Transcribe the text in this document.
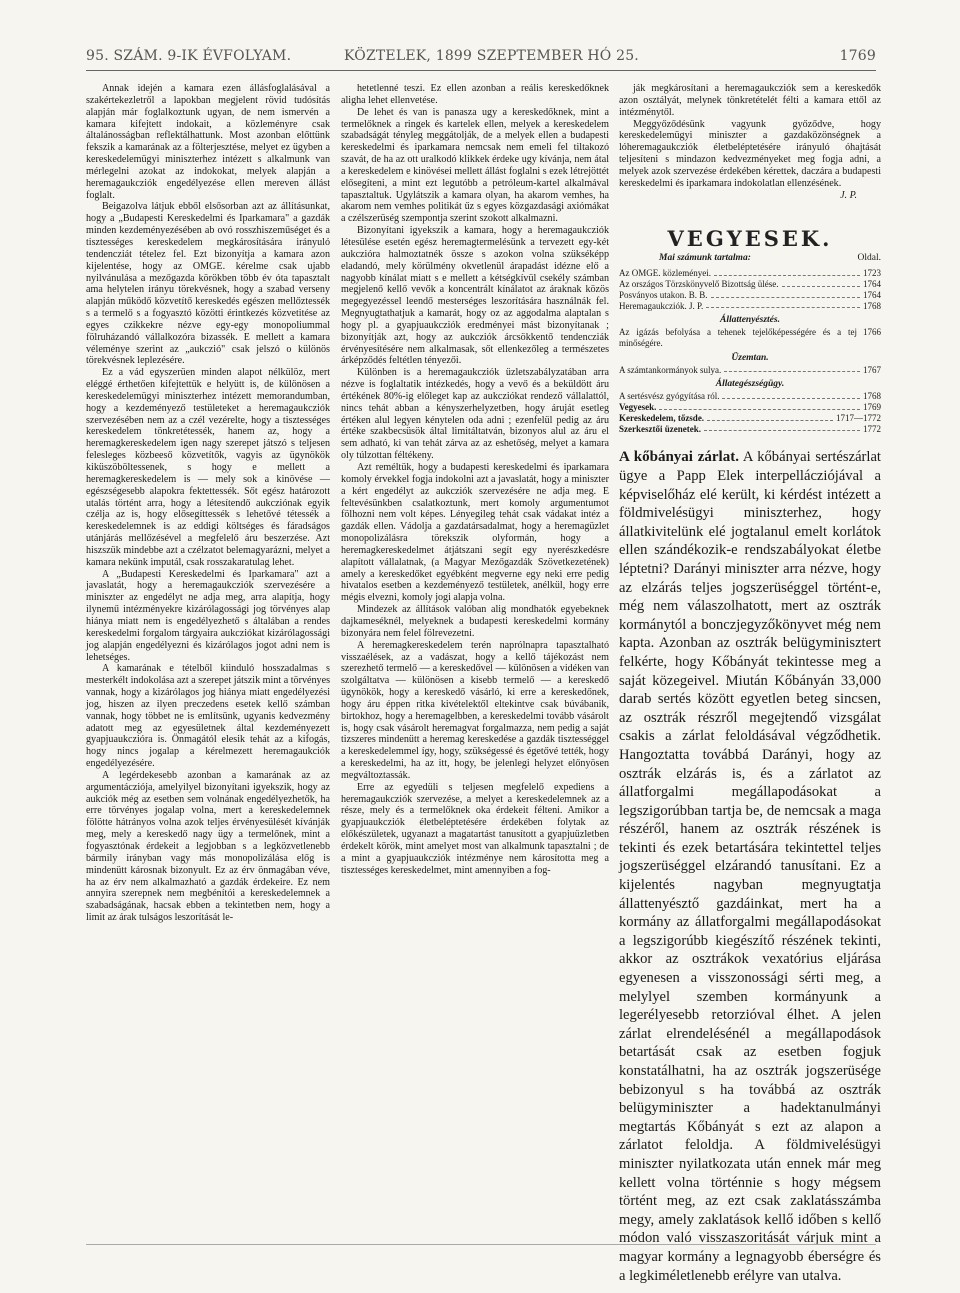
95. SZÁM. 9-IK ÉVFOLYAM.	KÖZTELEK, 1899 SZEPTEMBER HÓ 25.	1769

Annak idején a kamara ezen állásfoglalásával a szakértekezletről a lapokban megjelent rövid tudósítás alapján már foglalkoztunk ugyan, de nem ismervén a kamara kifejtett indokait, a közleményre csak általánosságban reflektálhattunk. Most azonban előttünk fekszik a kamarának az a fölterjesztése, melyet ez ügyben a kereskedelemügyi miniszterhez intézett s alkalmunk van mérlegelni azokat az indokokat, melyek alapján a heremagaukcziók engedélyezése ellen mereven állást foglalt.

Beigazolva látjuk ebből elsősorban azt az állításunkat, hogy a „Budapesti Kereskedelmi és Iparkamara" a gazdák minden kezdeményezésében ab ovó rosszhiszeműséget és a tisztességes kereskedelem megkárosítására irányuló tendencziát tételez fel. Ezt bizonyítja a kamara azon kijelentése, hogy az OMGE. kérelme csak ujabb nyilvánulása a mezőgazda körökben több év óta tapasztalt ama helytelen irányu törekvésnek, hogy a szabad verseny alapján működő közvetítő kereskedés egészen mellőztessék s a termelő s a fogyasztó közötti érintkezés közvetitése az egyes czikkekre nézve egy-egy monopoliummal fölruházandó vállalkozóra bizassék. E mellett a kamara véleménye szerint az „aukczió" csak jelszó o különös törekvésnek leplezésére.

Ez a vád egyszerüen minden alapot nélkülöz, mert eléggé érthetően kifejtettük e helyütt is, de különösen a kereskedelemügyi miniszterhez intézett memorandumban, hogy a kezdeményező testületeket a heremagaukcziók szervezésében nem az a czél vezérelte, hogy a tisztességes kereskedelem tönkretétessék, hanem az, hogy a heremagkereskedelem igen nagy szerepet játszó s teljesen felesleges közbeeső közvetítők, vagyis az ügynökök kiküszöböltessenek, s hogy e mellett a heremagkereskedelem is — mely sok a kinövése — egészségesebb alapokra fektettessék. Sőt egész határozott utalás történt arra, hogy a létesítendő aukcziónak egyik czélja az is, hogy elősegíttessék s lehetővé tétessék a kereskedelemnek is az eddigi költséges és fáradságos utánjárás mellőzésével a megfelelő áru beszerzése. Azt hiszszük mindebbe azt a czélzatot belemagyarázni, melyet a kamara nekünk imputál, csak rosszakaratulag lehet.

A „Budapesti Kereskedelmi és Iparkamara" azt a javaslatát, hogy a heremagaukcziók szervezésére a miniszter az engedélyt ne adja meg, arra alapítja, hogy ilynemű intézményekre kizárólagossági jog törvényes alap hiánya miatt nem is engedélyezhető s általában a rendes kereskedelmi forgalom tárgyaira aukcziókat kizárólagossági jog alapján engedélyezni és kizárólagos jogot adni nem is lehetséges.

A kamarának e tételből kiinduló hosszadalmas s mesterkélt indokolása azt a szerepet játszik mint a törvényes vannak, hogy a kizárólagos jog hiánya miatt engedélyezési jog, hiszen az ilyen preczedens esetek kellő számban vannak, hogy többet ne is említsünk, ugyanis kedvezmény adatott meg az egyesületnek által kezdeményezett gyapjuaukczióra is. Önmagától elesik tehát az a kifogás, hogy nincs jogalap a kérelmezett heremagaukciók engedélyezésére.

A legérdekesebb azonban a kamarának az az argumentácziója, amelyilyel bizonyítani igyekszik, hogy az aukciók még az esetben sem volnának engedélyezhetők, ha erre törvényes jogalap volna, mert a kereskedelemnek fölötte hátrányos volna azok teljes érvényesülését kívánják meg, mely a kereskedő nagy ügy a termelőnek, mint a fogyasztónak érdekeit a legjobban s a legközvetlenebb bármily irányban vagy más monopolizálása előg is mindenütt károsnak bizonyult. Ez az érv önmagában véve, ha az érv nem alkalmazható a gazdák érdekeire. Ez nem annyira szerepnek nem megbénítói a kereskedelemnek a szabadságának, hacsak ebben a tekintetben nem, hogy a limit az árak tulságos leszorítását le-

hetetlenné teszi. Ez ellen azonban a reális kereskedőknek aligha lehet ellenvetése.

De lehet és van is panasza ugy a kereskedőknek, mint a termelőknek a ringek és kartelek ellen, melyek a kereskedelem szabadságát tényleg meggátolják, de a melyek ellen a budapesti kereskedelmi és iparkamara nemcsak nem emeli fel tiltakozó szavát, de ha az ott uralkodó klikkek érdeke ugy kívánja, nem átal a kereskedelem e kinövései mellett állást foglalni s ezek létrejöttét elősegíteni, a mint ezt legutóbb a petróleum-kartel alkalmával tapasztaltuk. Ugylátszik a kamara olyan, ha akarom vemhes, ha akarom nem vemhes politikát űz s egyes közgazdasági axiómákat a czélszerüség szempontja szerint szokott alkalmazni.

Bizonyítani igyekszik a kamara, hogy a heremagaukcziók létesülése esetén egész heremagtermelésünk a tervezett egy-két aukczióra halmoztatnék össze s azokon volna szükséképp eladandó, mely körülmény okvetlenül árapadást idézne elő a nagyobb kínálat miatt s e mellett a kétségkívül csekély számban megjelenő kellő vevők a koncentrált kínálatot az áraknak közös megegyezéssel leendő mesterséges leszorítására használnák fel. Megnyugtathatjuk a kamarát, hogy oz az aggodalma alaptalan s hogy pl. a gyapjuaukcziók eredményei mást bizonyítanak ; bizonyítják azt, hogy az aukcziók árcsökkentő tendencziák érvényesítésére nem alkalmasak, sőt ellenkezőleg a természetes árképződés feltétlen tényezői.

Különben is a heremagaukcziók üzletszabályzatában arra nézve is foglaltatik intézkedés, hogy a vevő és a beküldött áru értékének 80%-ig előleget kap az aukcziókat rendező vállalattól, nincs tehát abban a kényszerhelyzetben, hogy áruját esetleg értéken alul legyen kénytelen oda adni ; ezenfelül pedig az áru értéke szakbecsüsök által limitáltatván, bizonyos alul az áru el sem adható, ki van tehát zárva az az eshetőség, melyet a kamara oly túlzottan féltékeny.

Azt reméltük, hogy a budapesti kereskedelmi és iparkamara komoly érvekkel fogja indokolni azt a javaslatát, hogy a miniszter a kért engedélyt az aukcziók szervezésére ne adja meg. E feltevésünkben csalatkoztunk, mert komoly argumentumot fölhozni nem volt képes. Lényegileg tehát csak vádakat intéz a gazdák ellen. Vádolja a gazdatársadalmat, hogy a heremagüzlet monopolizálásra törekszik olyformán, hogy a heremagkereskedelmet átjátszani segít egy nyerészkedésre alapított vállalatnak, (a Magyar Mezőgazdák Szövetkezetének) amely a kereskedőket egyébként megverne egy neki erre pedig hivatalos esetben a kezdeményező testületek, anélkül, hogy erre mégis elvezni, komoly jogi alapja volna.

Mindezek az állítások valóban alig mondhatók egyebeknek dajkameséknél, melyeknek a budapesti kereskedelmi kormány bizonyára nem felel fölrevezetni.

A heremagkereskedelem terén naprólnapra tapasztalható visszaélések, az a vadászat, hogy a kellő tájékozást nem szerezhető termelő — a kereskedővel — különösen a vidéken van szolgáltatva — különösen a kisebb termelő — a kereskedő ügynökök, hogy a kereskedő vásárló, ki erre a kereskedőnek, hogy áru éppen ritka kivételektől eltekintve csak búvábanik, birtokhoz, hogy a heremagelbben, a kereskedelmi tovább vásárolt is, hogy csak vásárolt heremagvat forgalmazza, nem pedig a saját tizszeres mindenütt a heremag kereskedése a gazdák tisztességgel a kereskedelemmel így, hogy, szükségessé és égetővé tették, hogy a kereskedelmi, ha az itt, hogy, be jelenlegi helyzet előnyösen megváltoztassák.

Erre az egyedüli s teljesen megfelelő expediens a heremagaukcziók szervezése, a melyet a kereskedelemnek az a része, mely és a termelőknek oka érdekeit félteni. Amikor a gyapjuaukcziók életbeléptetésére érdekében folytak az előkészületek, ugyanazt a magatartást tanusított a gyapjuüzletben érdekelt körök, mint amelyet most van alkalmunk tapasztalni ; de a mint a gyapjuaukcziók intézménye nem károsította meg a tisztességes kereskedelmet, mint amennyiben a fog-

ják megkárosítani a heremagaukcziók sem a kereskedők azon osztályát, melynek tönkretételét félti a kamara ettől az intézménytől.

Meggyőződésünk vagyunk győződve, hogy kereskedelemügyi miniszter a gazdaközönségnek a lóheremagaukcziók életbeléptetésére irányuló óhajtását teljesíteni s mindazon kedvezményeket meg fogja adni, a melyek azok szervezése érdekében kérettek, daczára a budapesti kereskedelmi és iparkamara indokolatlan ellenzésének.

J. P.
VEGYESEK.
Mai számunk tartalma:	Oldal.
Az OMGE. közleményei.	1723
Az országos Törzskönyvelő Bizottság ülése.	1764
Posványos utakon. B. B.	1764
Heremagaukcziók. J. P.	1768
Állattenyésztés.
Az igázás befolyása a tehenek tejelőképességére és a tej minőségére.
1766
Üzemtan.
A számtankormányok sulya.	1767
Állategészségügy.
A sertésvész gyógyítása ról.	1768
Vegyesek.	1769
Kereskedelem, tőzsde.	1717—1772
Szerkesztői üzenetek.	1772
A kőbányai zárlat. A kőbányai sertészárlat ügye a Papp Elek interpellácziójával a képviselőház elé került, ki kérdést intézett a földmivelésügyi miniszterhez, hogy állatkivitelünk elé jogtalanul emelt korlátok ellen szándékozik-e rendszabályokat életbe léptetni? Darányi miniszter arra nézve, hogy az elzárás teljes jogszerüséggel történt-e, még nem válaszolhatott, mert az osztrák kormánytól a bonczjegyzőkönyvet még nem kapta. Azonban az osztrák belügyminisztert felkérte, hogy Kőbányát tekintesse meg a saját közegeivel. Miután Kőbányán 33,000 darab sertés között egyetlen beteg sincsen, az osztrák részről megejtendő vizsgálat csakis a zárlat feloldásával végződhetik. Hangoztatta továbbá Darányi, hogy az osztrák elzárás is, és a zárlatot az állatforgalmi megállapodásokat a legszigorúbban tartja be, de nemcsak a maga részéről, hanem az osztrák részének is tekinti és ezek betartására tekintettel teljes jogszerüséggel elzárandó tanusítani. Ez a kijelentés nagyban megnyugtatja állattenyésztő gazdáinkat, mert ha a kormány az állatforgalmi megállapodásokat a legszigorúbb kiegészítő részének tekinti, akkor az osztrákok vexatórius eljárása egyenesen a visszonossági sérti meg, a melylyel szemben kormányunk a legerélyesebb retorzióval élhet. A jelen zárlat elrendelésénél a megállapodások betartását csak az esetben fogjuk konstatálhatni, ha az osztrák jogszerüsége bebizonyul s ha továbbá az osztrák belügyminiszter a hadektanulmányi megtartás Kőbányát s ezt az alapon a zárlatot feloldja. A földmivelésügyi miniszter nyilatkozata után ennek már meg kellett volna történnie s hogy mégsem történt meg, az ezt csak zaklatásszámba megy, amely zaklatások kellő időben s kellő módon való visszaszoritását várjuk mint a magyar kormány a legnagyobb éberségre és a legkiméletlenebb erélyre van utalva.
